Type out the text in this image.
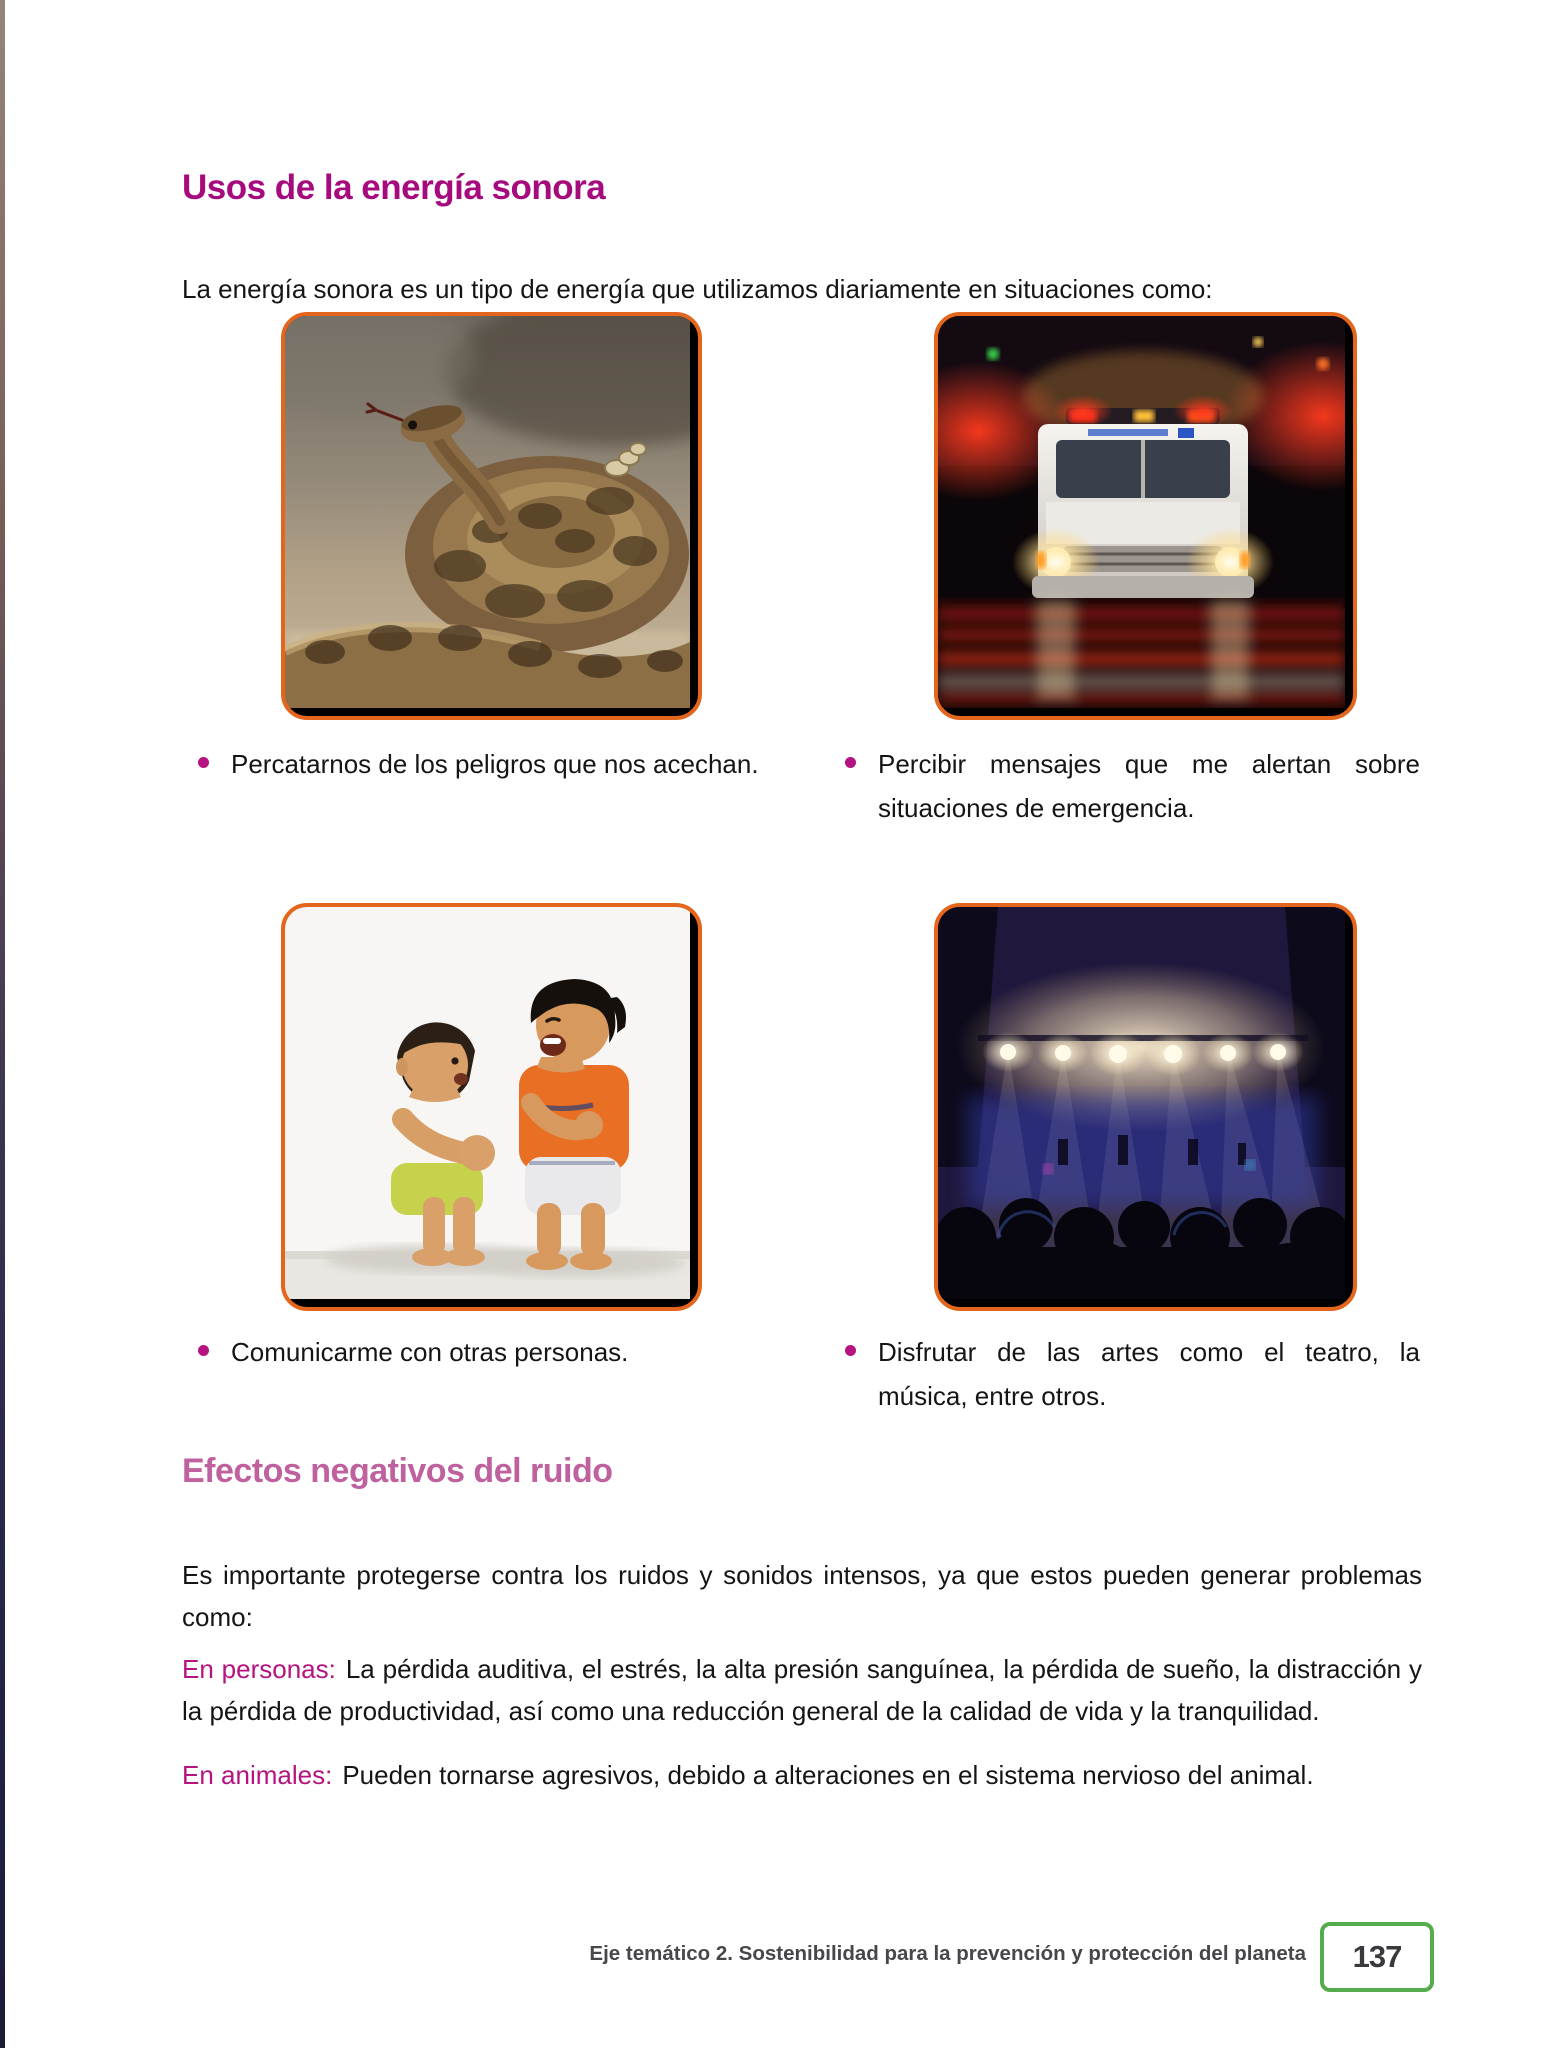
Usos de la energía sonora

La energía sonora es un tipo de energía que utilizamos diariamente en situaciones como:

Percatarnos de los peligros que nos acechan.	Percibir mensajes que me alertan sobre situaciones de emergencia.
Comunicarme con otras personas.	Disfrutar de las artes como el teatro, la música, entre otros.
Efectos negativos del ruido

Es importante protegerse contra los ruidos y sonidos intensos, ya que estos pueden generar problemas como:

En personas: La pérdida auditiva, el estrés, la alta presión sanguínea, la pérdida de sueño, la distracción y la pérdida de productividad, así como una reducción general de la calidad de vida y la tranquilidad.

En animales: Pueden tornarse agresivos, debido a alteraciones en el sistema nervioso del animal.

Eje temático 2. Sostenibilidad para la prevención y protección del planeta 137
